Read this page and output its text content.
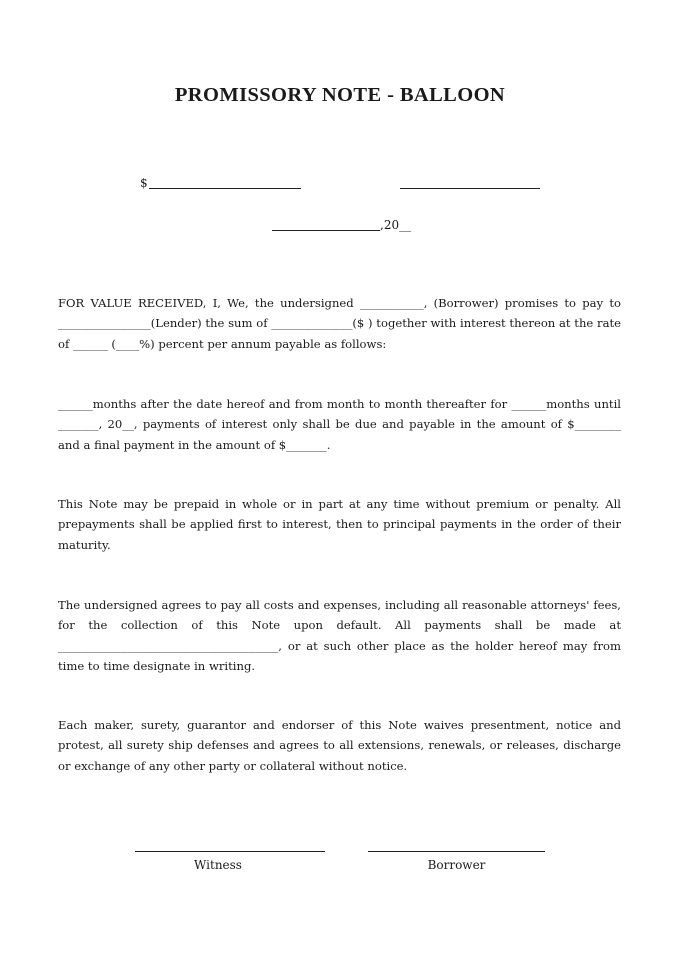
PROMISSORY NOTE - BALLOON
$
,20__

FOR VALUE RECEIVED, I, We, the undersigned ___________, (Borrower) promises to pay to ________________(Lender) the sum of ______________($ ) together with interest thereon at the rate of ______ (____%) percent per annum payable as follows:

______months after the date hereof and from month to month thereafter for ______months until _______, 20__, payments of interest only shall be due and payable in the amount of $________ and a final payment in the amount of $_______.

This Note may be prepaid in whole or in part at any time without premium or penalty. All prepayments shall be applied first to interest, then to principal payments in the order of their maturity.

The undersigned agrees to pay all costs and expenses, including all reasonable attorneys' fees, for the collection of this Note upon default. All payments shall be made at ______________________________________, or at such other place as the holder hereof may from time to time designate in writing.

Each maker, surety, guarantor and endorser of this Note waives presentment, notice and protest, all surety ship defenses and agrees to all extensions, renewals, or releases, discharge or exchange of any other party or collateral without notice.

Witness	Borrower
